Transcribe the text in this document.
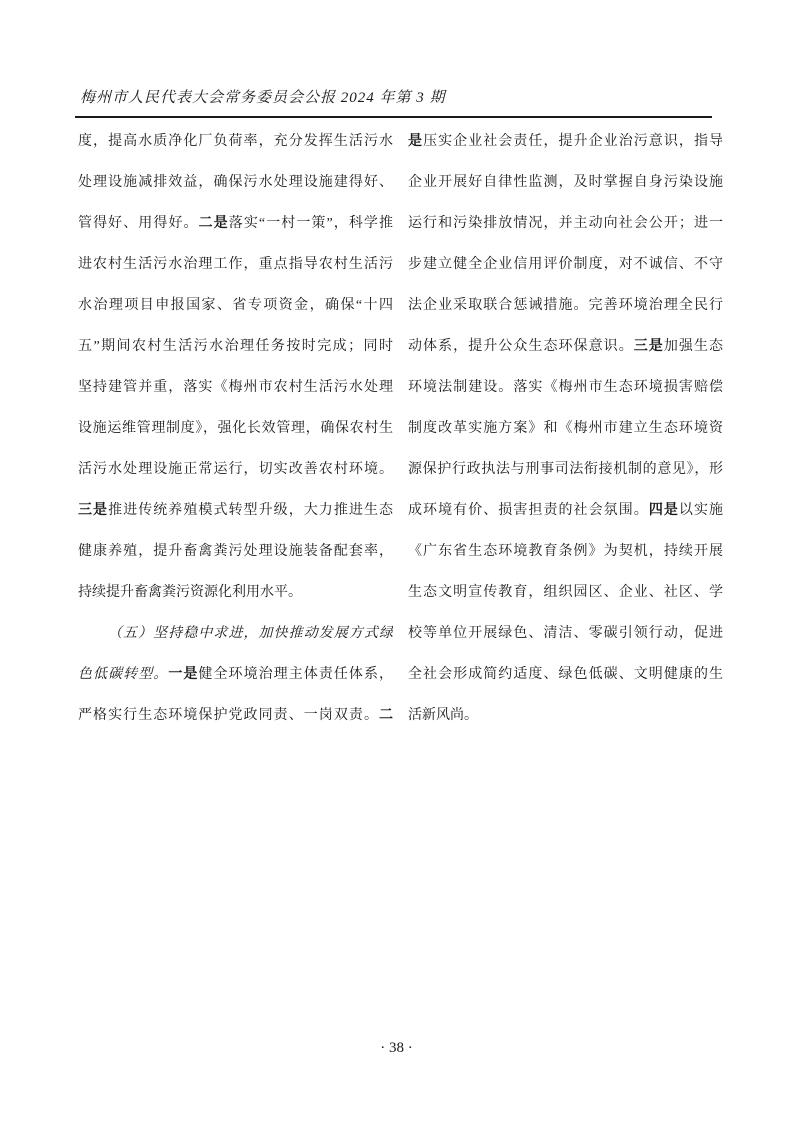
梅州市人民代表大会常务委员会公报 2024 年第 3 期
度，提高水质净化厂负荷率，充分发挥生活污水
处理设施减排效益，确保污水处理设施建得好、
管得好、用得好。二是落实“一村一策”，科学推
进农村生活污水治理工作，重点指导农村生活污
水治理项目申报国家、省专项资金，确保“十四
五”期间农村生活污水治理任务按时完成；同时
坚持建管并重，落实《梅州市农村生活污水处理
设施运维管理制度》，强化长效管理，确保农村生
活污水处理设施正常运行，切实改善农村环境。
三是推进传统养殖模式转型升级，大力推进生态
健康养殖，提升畜禽粪污处理设施装备配套率，
持续提升畜禽粪污资源化利用水平。
（五）坚持稳中求进，加快推动发展方式绿
色低碳转型。一是健全环境治理主体责任体系，
严格实行生态环境保护党政同责、一岗双责。二
是压实企业社会责任，提升企业治污意识，指导
企业开展好自律性监测，及时掌握自身污染设施
运行和污染排放情况，并主动向社会公开；进一
步建立健全企业信用评价制度，对不诚信、不守
法企业采取联合惩诫措施。完善环境治理全民行
动体系，提升公众生态环保意识。三是加强生态
环境法制建设。落实《梅州市生态环境损害赔偿
制度改革实施方案》和《梅州市建立生态环境资
源保护行政执法与刑事司法衔接机制的意见》，形
成环境有价、损害担责的社会氛围。四是以实施
《广东省生态环境教育条例》为契机，持续开展
生态文明宣传教育，组织园区、企业、社区、学
校等单位开展绿色、清洁、零碳引领行动，促进
全社会形成简约适度、绿色低碳、文明健康的生
活新风尚。
· 38 ·
